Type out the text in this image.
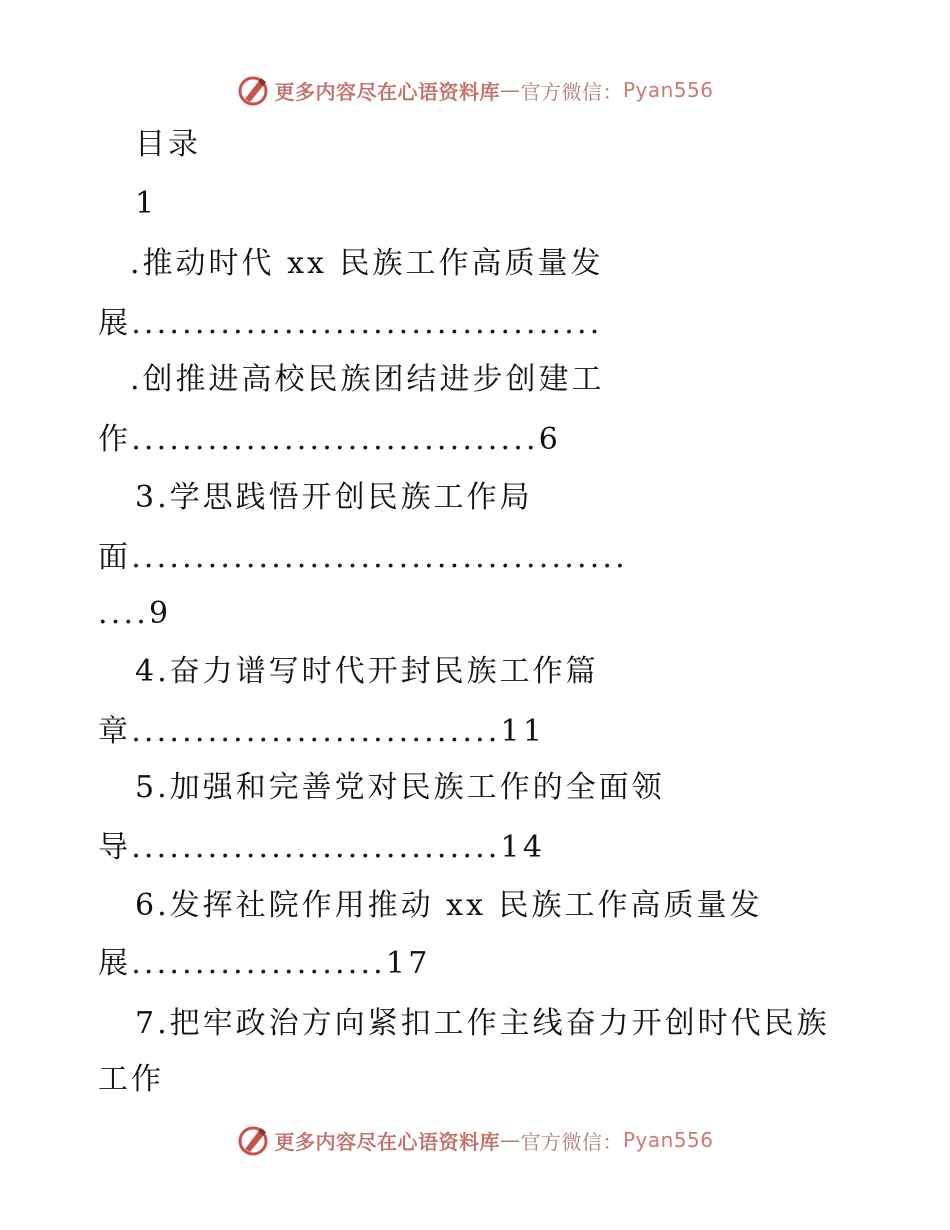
更多内容尽在心语资料库 — 官方微信： Pyan556
目录
1
.推动时代 xx 民族工作高质量发
展.....................................
.创推进高校民族团结进步创建工
作................................6
3.学思践悟开创民族工作局
面.......................................
....9
4.奋力谱写时代开封民族工作篇
章.............................11
5.加强和完善党对民族工作的全面领
导.............................14
6.发挥社院作用推动 xx 民族工作高质量发
展....................17
7.把牢政治方向紧扣工作主线奋力开创时代民族
工作
更多内容尽在心语资料库 — 官方微信： Pyan556
